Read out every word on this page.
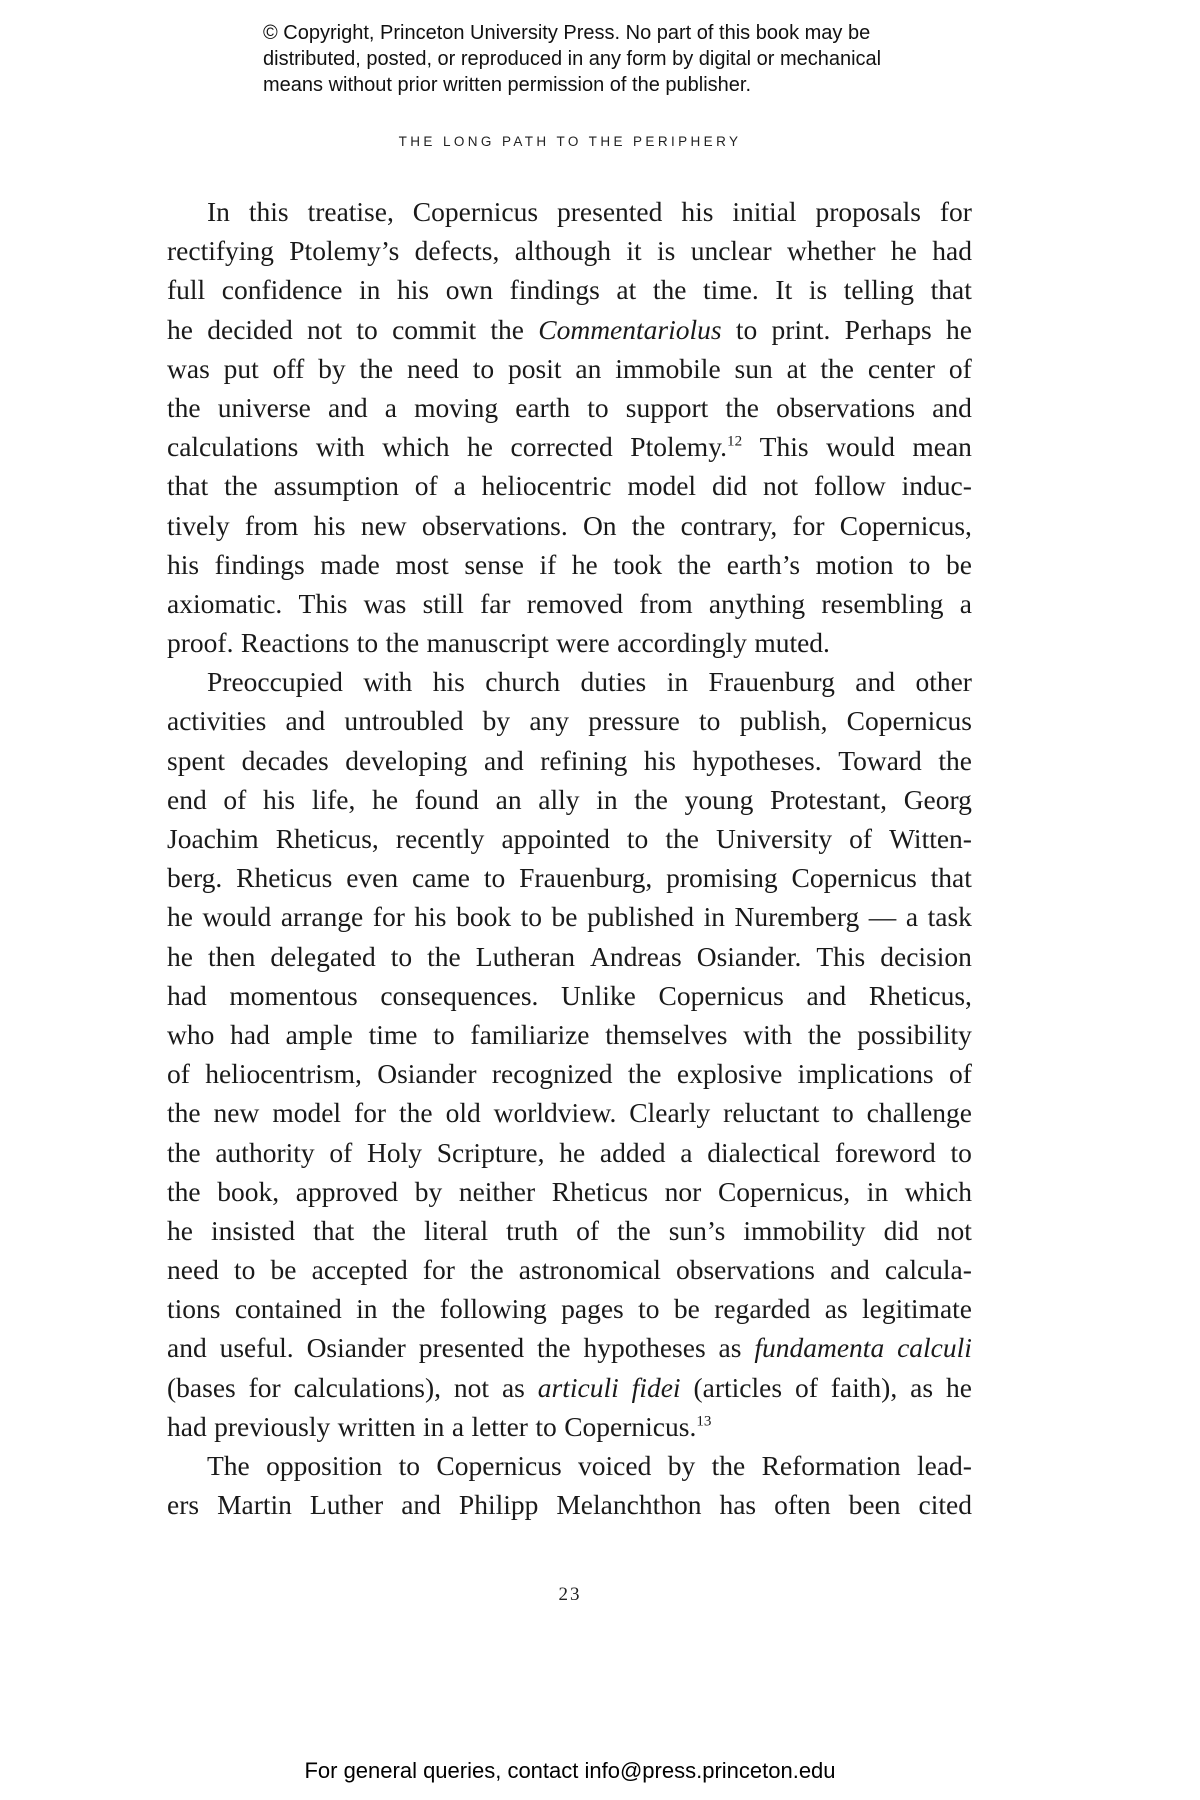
© Copyright, Princeton University Press. No part of this book may be
distributed, posted, or reproduced in any form by digital or mechanical
means without prior written permission of the publisher.
THE LONG PATH TO THE PERIPHERY
In this treatise, Copernicus presented his initial proposals for
rectifying Ptolemy’s defects, although it is unclear whether he had
full confidence in his own findings at the time. It is telling that
he decided not to commit the Commentariolus to print. Perhaps he
was put off by the need to posit an immobile sun at the center of
the universe and a moving earth to support the observations and
calculations with which he corrected Ptolemy.$^{12}$ This would mean
that the assumption of a heliocentric model did not follow induc-
tively from his new observations. On the contrary, for Copernicus,
his findings made most sense if he took the earth’s motion to be
axiomatic. This was still far removed from anything resembling a
proof. Reactions to the manuscript were accordingly muted.
Preoccupied with his church duties in Frauenburg and other
activities and untroubled by any pressure to publish, Copernicus
spent decades developing and refining his hypotheses. Toward the
end of his life, he found an ally in the young Protestant, Georg
Joachim Rheticus, recently appointed to the University of Witten-
berg. Rheticus even came to Frauenburg, promising Copernicus that
he would arrange for his book to be published in Nuremberg — a task
he then delegated to the Lutheran Andreas Osiander. This decision
had momentous consequences. Unlike Copernicus and Rheticus,
who had ample time to familiarize themselves with the possibility
of heliocentrism, Osiander recognized the explosive implications of
the new model for the old worldview. Clearly reluctant to challenge
the authority of Holy Scripture, he added a dialectical foreword to
the book, approved by neither Rheticus nor Copernicus, in which
he insisted that the literal truth of the sun’s immobility did not
need to be accepted for the astronomical observations and calcula-
tions contained in the following pages to be regarded as legitimate
and useful. Osiander presented the hypotheses as fundamenta calculi
(bases for calculations), not as articuli fidei (articles of faith), as he
had previously written in a letter to Copernicus.$^{13}$
The opposition to Copernicus voiced by the Reformation lead-
ers Martin Luther and Philipp Melanchthon has often been cited
23
For general queries, contact info@press.princeton.edu
